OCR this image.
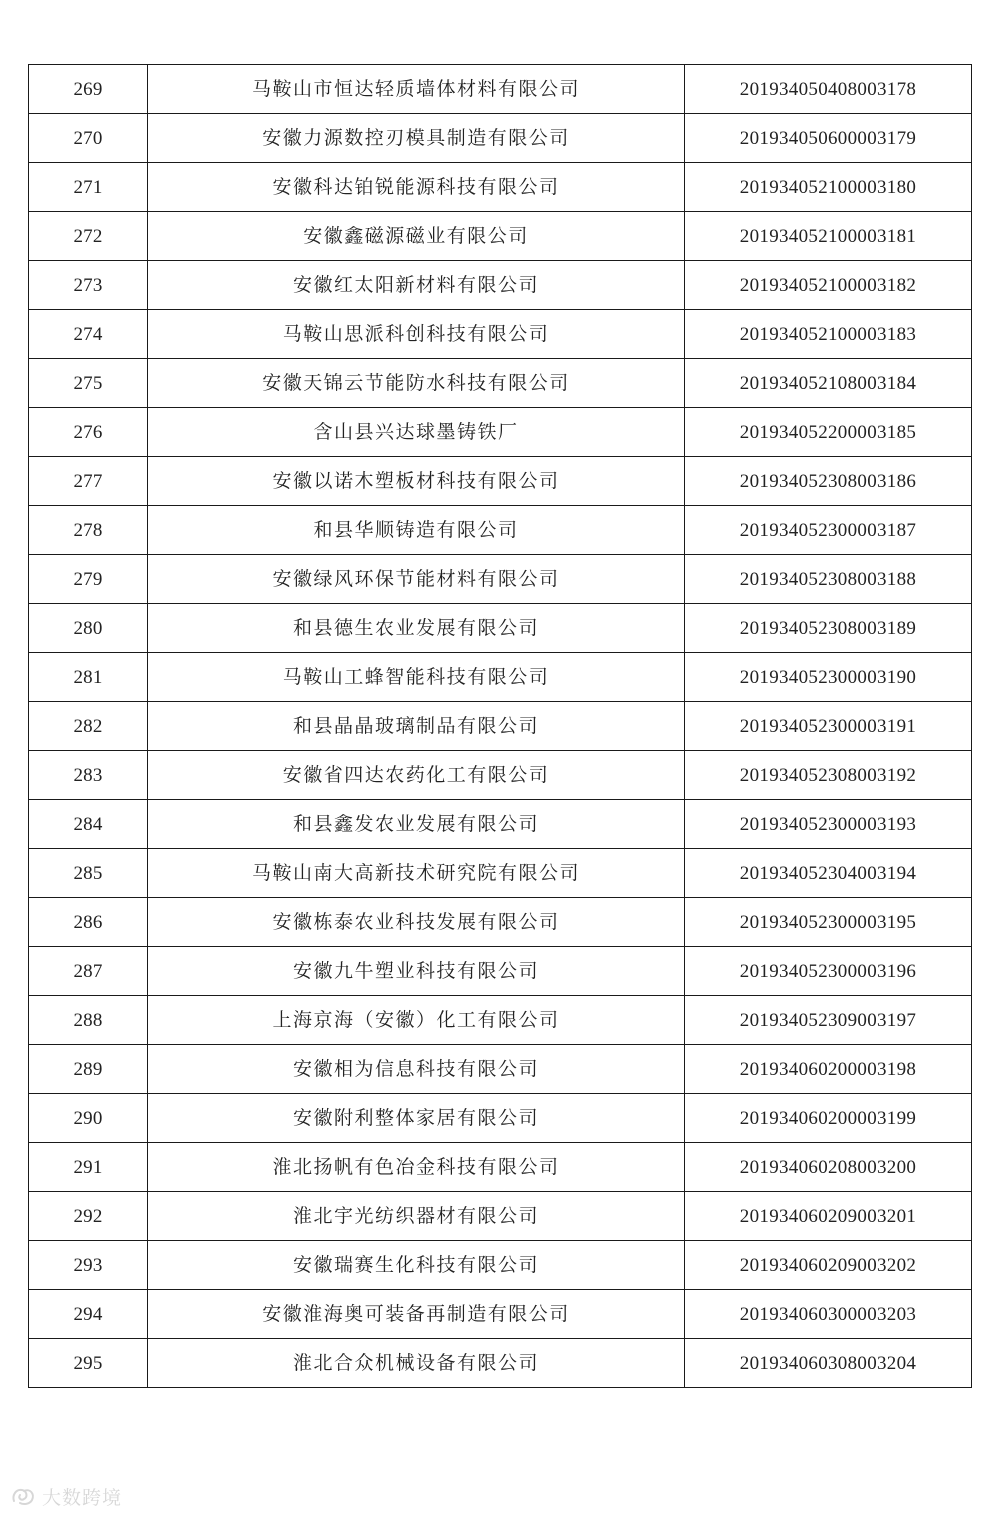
269	马鞍山市恒达轻质墙体材料有限公司	201934050408003178
270	安徽力源数控刃模具制造有限公司	201934050600003179
271	安徽科达铂锐能源科技有限公司	201934052100003180
272	安徽鑫磁源磁业有限公司	201934052100003181
273	安徽红太阳新材料有限公司	201934052100003182
274	马鞍山思派科创科技有限公司	201934052100003183
275	安徽天锦云节能防水科技有限公司	201934052108003184
276	含山县兴达球墨铸铁厂	201934052200003185
277	安徽以诺木塑板材科技有限公司	201934052308003186
278	和县华顺铸造有限公司	201934052300003187
279	安徽绿风环保节能材料有限公司	201934052308003188
280	和县德生农业发展有限公司	201934052308003189
281	马鞍山工蜂智能科技有限公司	201934052300003190
282	和县晶晶玻璃制品有限公司	201934052300003191
283	安徽省四达农药化工有限公司	201934052308003192
284	和县鑫发农业发展有限公司	201934052300003193
285	马鞍山南大高新技术研究院有限公司	201934052304003194
286	安徽栋泰农业科技发展有限公司	201934052300003195
287	安徽九牛塑业科技有限公司	201934052300003196
288	上海京海（安徽）化工有限公司	201934052309003197
289	安徽相为信息科技有限公司	201934060200003198
290	安徽附利整体家居有限公司	201934060200003199
291	淮北扬帆有色冶金科技有限公司	201934060208003200
292	淮北宇光纺织器材有限公司	201934060209003201
293	安徽瑞赛生化科技有限公司	201934060209003202
294	安徽淮海奥可装备再制造有限公司	201934060300003203
295	淮北合众机械设备有限公司	201934060308003204
大数跨境
